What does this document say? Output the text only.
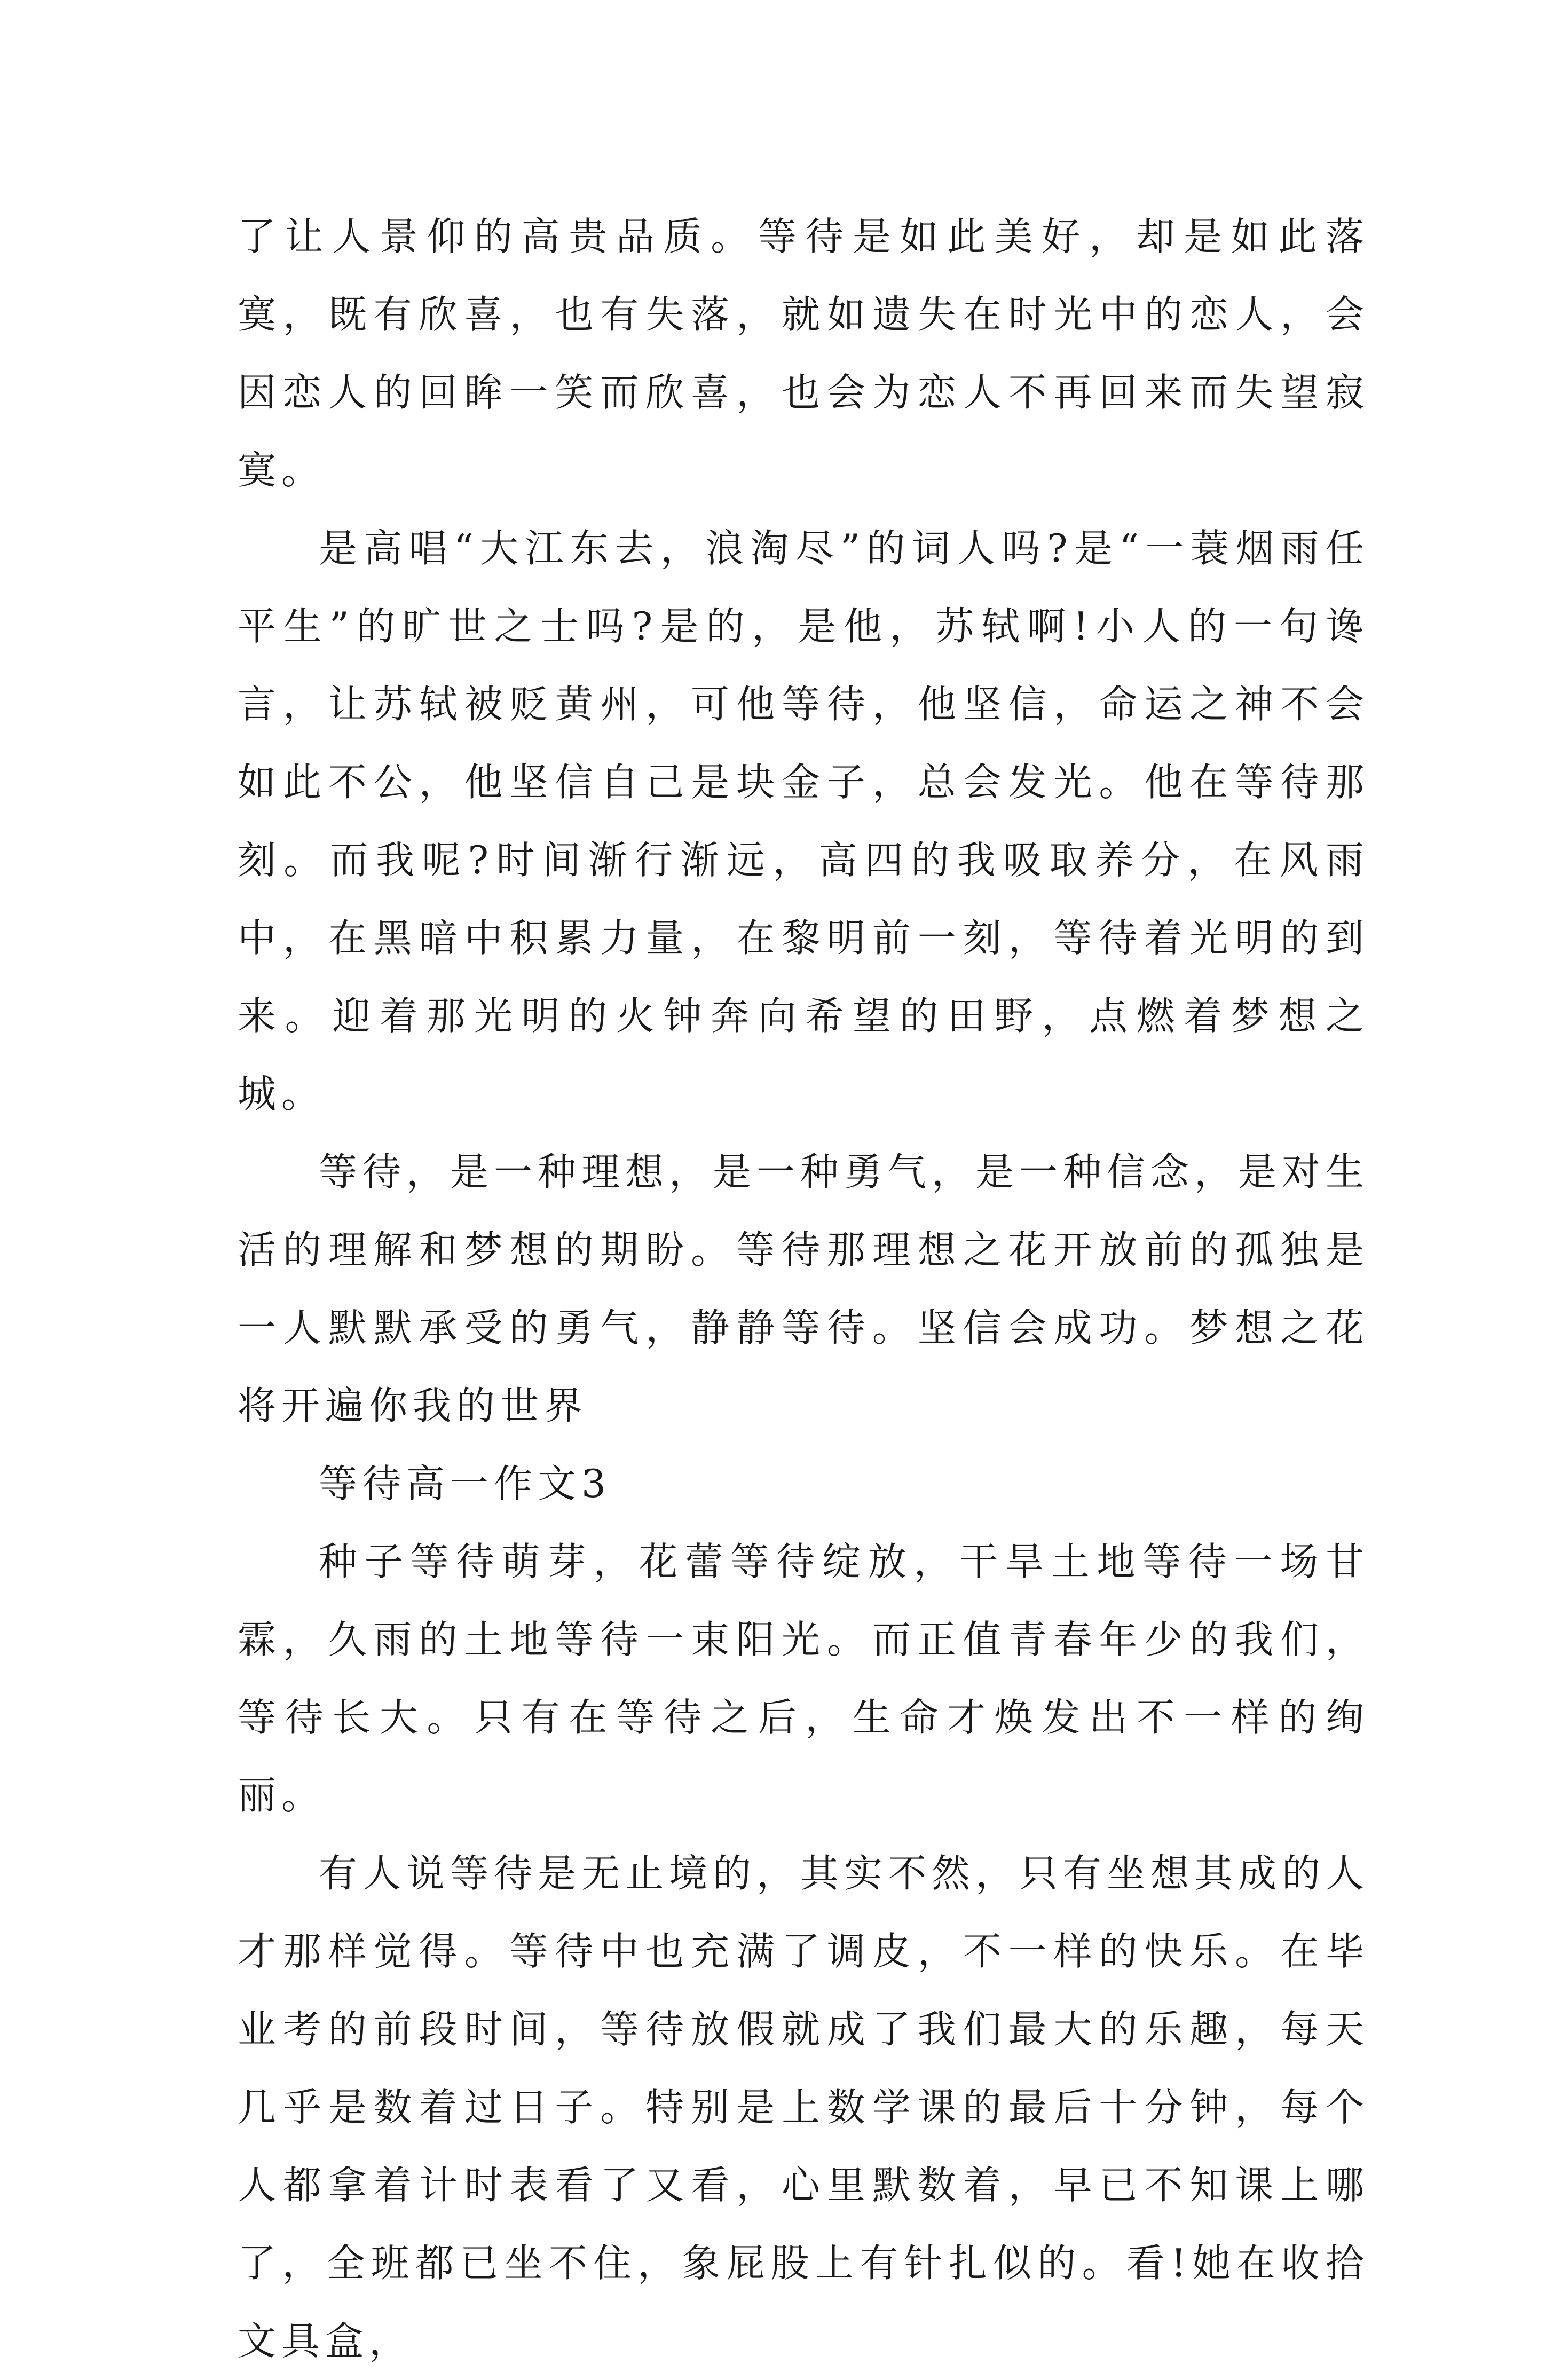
了让人景仰的高贵品质。等待是如此美好，却是如此落寞，既有欣喜，也有失落，就如遗失在时光中的恋人，会因恋人的回眸一笑而欣喜，也会为恋人不再回来而失望寂寞。

是高唱“大江东去，浪淘尽”的词人吗?是“一蓑烟雨任平生”的旷世之士吗?是的，是他，苏轼啊!小人的一句谗言，让苏轼被贬黄州，可他等待，他坚信，命运之神不会如此不公，他坚信自己是块金子，总会发光。他在等待那刻。而我呢?时间渐行渐远，高四的我吸取养分，在风雨中，在黑暗中积累力量，在黎明前一刻，等待着光明的到来。迎着那光明的火钟奔向希望的田野，点燃着梦想之城。

等待，是一种理想，是一种勇气，是一种信念，是对生活的理解和梦想的期盼。等待那理想之花开放前的孤独是一人默默承受的勇气，静静等待。坚信会成功。梦想之花将开遍你我的世界

等待高一作文3

种子等待萌芽，花蕾等待绽放，干旱土地等待一场甘霖，久雨的土地等待一束阳光。而正值青春年少的我们，等待长大。只有在等待之后，生命才焕发出不一样的绚丽。

有人说等待是无止境的，其实不然，只有坐想其成的人才那样觉得。等待中也充满了调皮，不一样的快乐。在毕业考的前段时间，等待放假就成了我们最大的乐趣，每天几乎是数着过日子。特别是上数学课的最后十分钟，每个人都拿着计时表看了又看，心里默数着，早已不知课上哪了，全班都已坐不住，象屁股上有针扎似的。看!她在收拾文具盒，
